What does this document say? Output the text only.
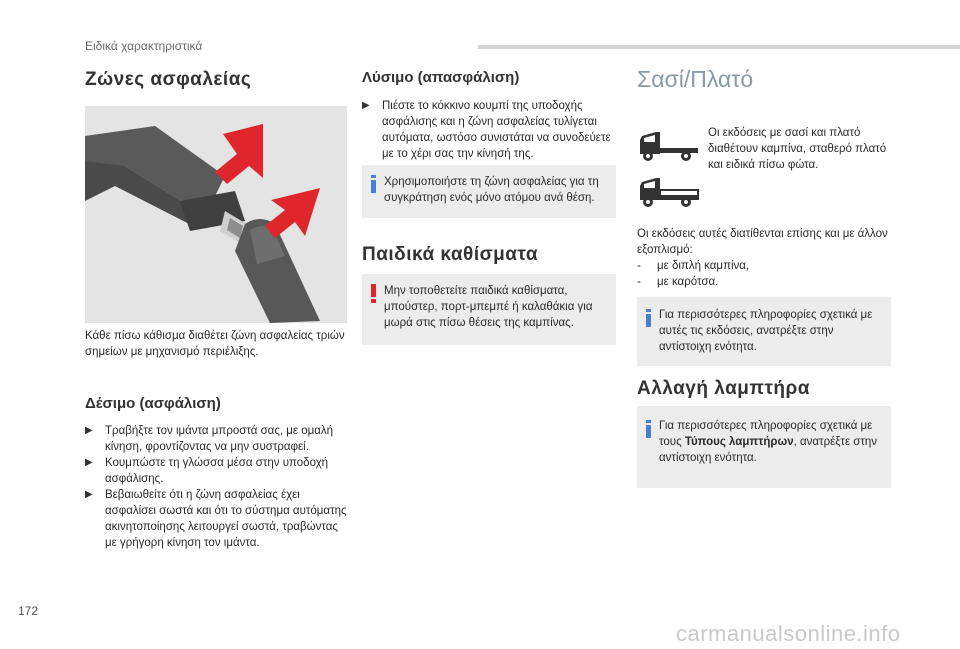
Ειδικά χαρακτηριστικά
Ζώνες ασφαλείας
Κάθε πίσω κάθισμα διαθέτει ζώνη ασφαλείας τριών σημείων με μηχανισμό περιέλιξης.
Δέσιμο (ασφάλιση)
▶ Τραβήξτε τον ιμάντα μπροστά σας, με ομαλή κίνηση, φροντίζοντας να μην συστραφεί.
▶ Κουμπώστε τη γλώσσα μέσα στην υποδοχή ασφάλισης.
▶ Βεβαιωθείτε ότι η ζώνη ασφαλείας έχει ασφαλίσει σωστά και ότι το σύστημα αυτόματης ακινητοποίησης λειτουργεί σωστά, τραβώντας με γρήγορη κίνηση τον ιμάντα.
Λύσιμο (απασφάλιση)
▶ Πιέστε το κόκκινο κουμπί της υποδοχής ασφάλισης και η ζώνη ασφαλείας τυλίγεται αυτόματα, ωστόσο συνιστάται να συνοδεύετε με το χέρι σας την κίνησή της.
Χρησιμοποιήστε τη ζώνη ασφαλείας για τη συγκράτηση ενός μόνο ατόμου ανά θέση.
Παιδικά καθίσματα
Μην τοποθετείτε παιδικά καθίσματα, μπούστερ, πορτ-μπεμπέ ή καλαθάκια για μωρά στις πίσω θέσεις της καμπίνας.
Σασί/Πλατό
Οι εκδόσεις με σασί και πλατό διαθέτουν καμπίνα, σταθερό πλατό και ειδικά πίσω φώτα.
Οι εκδόσεις αυτές διατίθενται επίσης και με άλλον εξοπλισμό:
- με διπλή καμπίνα,
- με καρότσα.
Για περισσότερες πληροφορίες σχετικά με αυτές τις εκδόσεις, ανατρέξτε στην αντίστοιχη ενότητα.
Αλλαγή λαμπτήρα
Για περισσότερες πληροφορίες σχετικά με τους Τύπους λαμπτήρων, ανατρέξτε στην αντίστοιχη ενότητα.
172
carmanualsonline.info
